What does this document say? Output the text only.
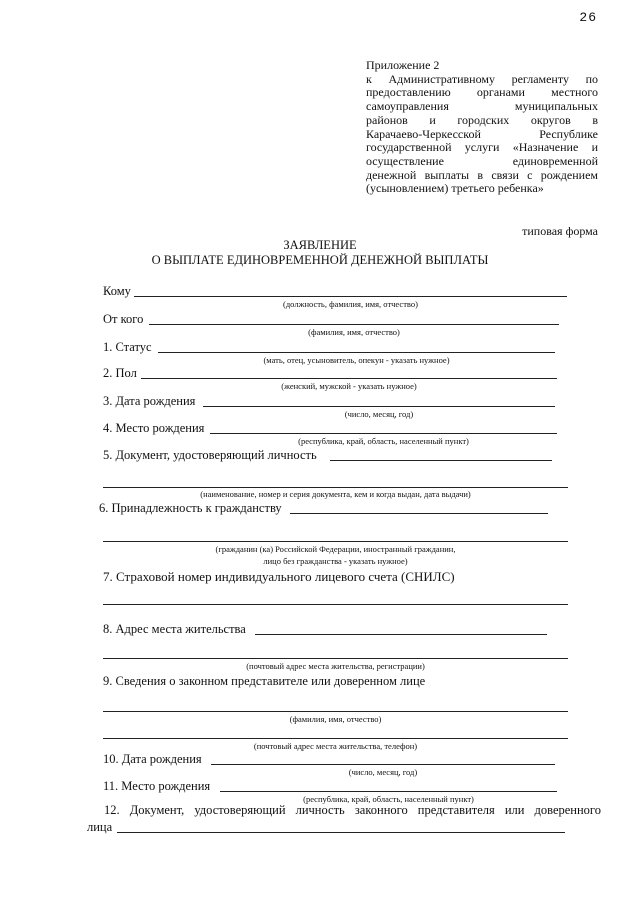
26
Приложение 2
к Административному регламенту по
предоставлению органами местного
самоуправления муниципальных
районов и городских округов в
Карачаево-Черкесской Республике
государственной услуги «Назначение и
осуществление единовременной
денежной выплаты в связи с рождением
(усыновлением) третьего ребенка»
типовая форма
ЗАЯВЛЕНИЕ
О ВЫПЛАТЕ ЕДИНОВРЕМЕННОЙ ДЕНЕЖНОЙ ВЫПЛАТЫ
Кому
(должность, фамилия, имя, отчество)
От кого
(фамилия, имя, отчество)
1. Статус
(мать, отец, усыновитель, опекун - указать нужное)
2. Пол
(женский, мужской - указать нужное)
3. Дата рождения
(число, месяц, год)
4. Место рождения
(республика, край, область, населенный пункт)
5. Документ, удостоверяющий личность
(наименование, номер и серия документа, кем и когда выдан, дата выдачи)
6. Принадлежность к гражданству
(гражданин (ка) Российской Федерации, иностранный гражданин,
лицо без гражданства - указать нужное)
7. Страховой номер индивидуального лицевого счета (СНИЛС)
8. Адрес места жительства
(почтовый адрес места жительства, регистрации)
9. Сведения о законном представителе или доверенном лице
(фамилия, имя, отчество)
(почтовый адрес места жительства, телефон)
10. Дата рождения
(число, месяц, год)
11. Место рождения
(республика, край, область, населенный пункт)
12. Документ, удостоверяющий личность законного представителя или доверенного
лица
